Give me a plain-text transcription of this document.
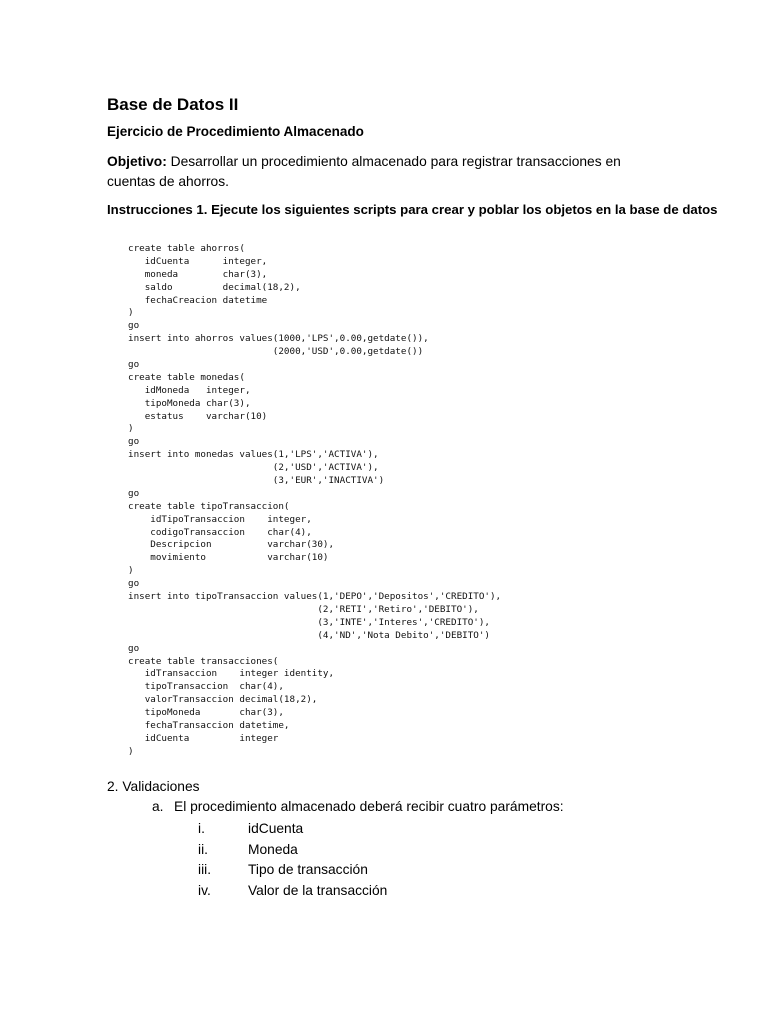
Base de Datos II
Ejercicio de Procedimiento Almacenado
Objetivo: Desarrollar un procedimiento almacenado para registrar transacciones en cuentas de ahorros.
Instrucciones 1. Ejecute los siguientes scripts para crear y poblar los objetos en la base de datos
create table ahorros(
idCuenta      integer,
moneda        char(3),
saldo         decimal(18,2),
fechaCreacion datetime
)
go
insert into ahorros values(1000,'LPS',0.00,getdate()),
(2000,'USD',0.00,getdate())
go
create table monedas(
idMoneda   integer,
tipoMoneda char(3),
estatus    varchar(10)
)
go
insert into monedas values(1,'LPS','ACTIVA'),
(2,'USD','ACTIVA'),
(3,'EUR','INACTIVA')
go
create table tipoTransaccion(
idTipoTransaccion    integer,
codigoTransaccion    char(4),
Descripcion          varchar(30),
movimiento           varchar(10)
)
go
insert into tipoTransaccion values(1,'DEPO','Depositos','CREDITO'),
(2,'RETI','Retiro','DEBITO'),
(3,'INTE','Interes','CREDITO'),
(4,'ND','Nota Debito','DEBITO')
go
create table transacciones(
idTransaccion    integer identity,
tipoTransaccion  char(4),
valorTransaccion decimal(18,2),
tipoMoneda       char(3),
fechaTransaccion datetime,
idCuenta         integer
)
2. Validaciones
a. El procedimiento almacenado deberá recibir cuatro parámetros:
i.	idCuenta
ii.	Moneda
iii.	Tipo de transacción
iv.	Valor de la transacción
